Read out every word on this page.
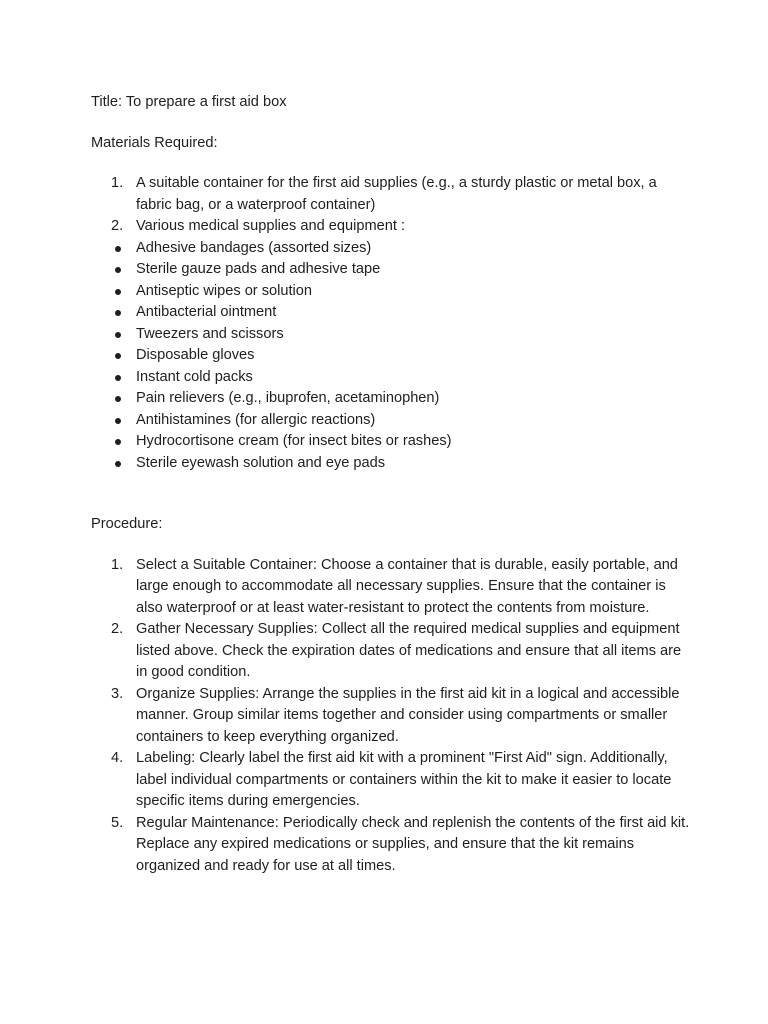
Title: To prepare a first aid box
Materials Required:
1. A suitable container for the first aid supplies (e.g., a sturdy plastic or metal box, a fabric bag, or a waterproof container)
2. Various medical supplies and equipment :
Adhesive bandages (assorted sizes)
Sterile gauze pads and adhesive tape
Antiseptic wipes or solution
Antibacterial ointment
Tweezers and scissors
Disposable gloves
Instant cold packs
Pain relievers (e.g., ibuprofen, acetaminophen)
Antihistamines (for allergic reactions)
Hydrocortisone cream (for insect bites or rashes)
Sterile eyewash solution and eye pads
Procedure:
1. Select a Suitable Container: Choose a container that is durable, easily portable, and large enough to accommodate all necessary supplies. Ensure that the container is also waterproof or at least water-resistant to protect the contents from moisture.
2. Gather Necessary Supplies: Collect all the required medical supplies and equipment listed above. Check the expiration dates of medications and ensure that all items are in good condition.
3. Organize Supplies: Arrange the supplies in the first aid kit in a logical and accessible manner. Group similar items together and consider using compartments or smaller containers to keep everything organized.
4. Labeling: Clearly label the first aid kit with a prominent "First Aid" sign. Additionally, label individual compartments or containers within the kit to make it easier to locate specific items during emergencies.
5. Regular Maintenance: Periodically check and replenish the contents of the first aid kit. Replace any expired medications or supplies, and ensure that the kit remains organized and ready for use at all times.
